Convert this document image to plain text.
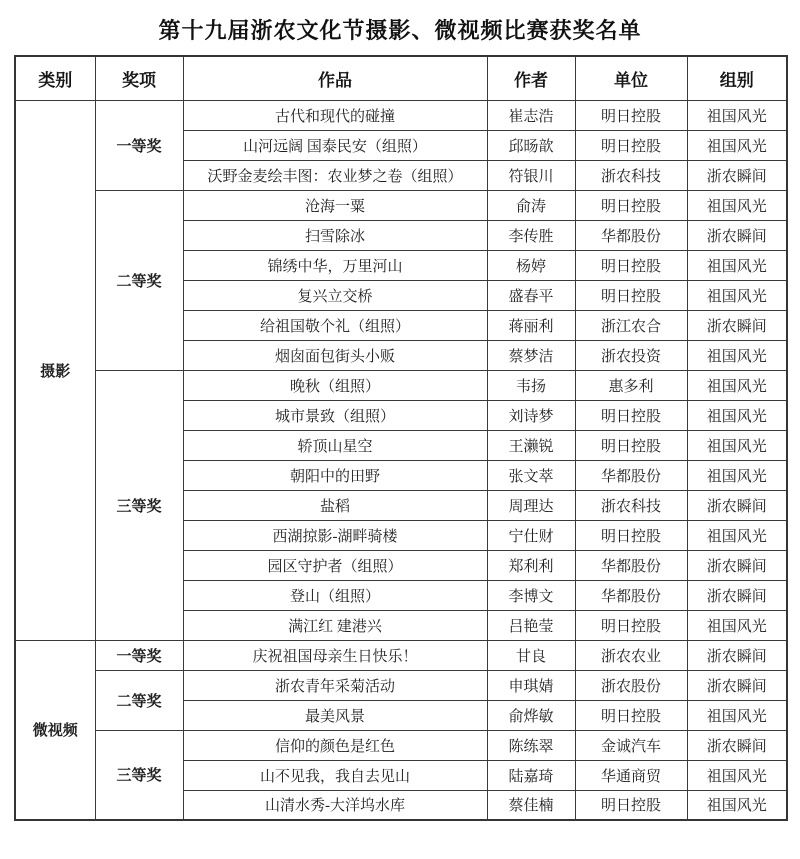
第十九届浙农文化节摄影、微视频比赛获奖名单
类别	奖项	作品	作者	单位	组别
摄影	一等奖	古代和现代的碰撞	崔志浩	明日控股	祖国风光
		山河远阔 国泰民安（组照）	邱旸歆	明日控股	祖国风光
		沃野金麦绘丰图：农业梦之卷（组照）	符银川	浙农科技	浙农瞬间
	二等奖	沧海一粟	俞涛	明日控股	祖国风光
		扫雪除冰	李传胜	华都股份	浙农瞬间
		锦绣中华，万里河山	杨婷	明日控股	祖国风光
		复兴立交桥	盛春平	明日控股	祖国风光
		给祖国敬个礼（组照）	蒋丽利	浙江农合	浙农瞬间
		烟囱面包街头小贩	蔡梦洁	浙农投资	祖国风光
	三等奖	晚秋（组照）	韦扬	惠多利	祖国风光
		城市景致（组照）	刘诗梦	明日控股	祖国风光
		轿顶山星空	王濑锐	明日控股	祖国风光
		朝阳中的田野	张文萃	华都股份	祖国风光
		盐稻	周理达	浙农科技	浙农瞬间
		西湖掠影-湖畔骑楼	宁仕财	明日控股	祖国风光
		园区守护者（组照）	郑利利	华都股份	浙农瞬间
		登山（组照）	李博文	华都股份	浙农瞬间
		满江红 建港兴	吕艳莹	明日控股	祖国风光
微视频	一等奖	庆祝祖国母亲生日快乐！	甘良	浙农农业	浙农瞬间
	二等奖	浙农青年采菊活动	申琪婧	浙农股份	浙农瞬间
		最美风景	俞烨敏	明日控股	祖国风光
	三等奖	信仰的颜色是红色	陈练翠	金诚汽车	浙农瞬间
		山不见我，我自去见山	陆嘉琦	华通商贸	祖国风光
		山清水秀-大洋坞水库	蔡佳楠	明日控股	祖国风光
